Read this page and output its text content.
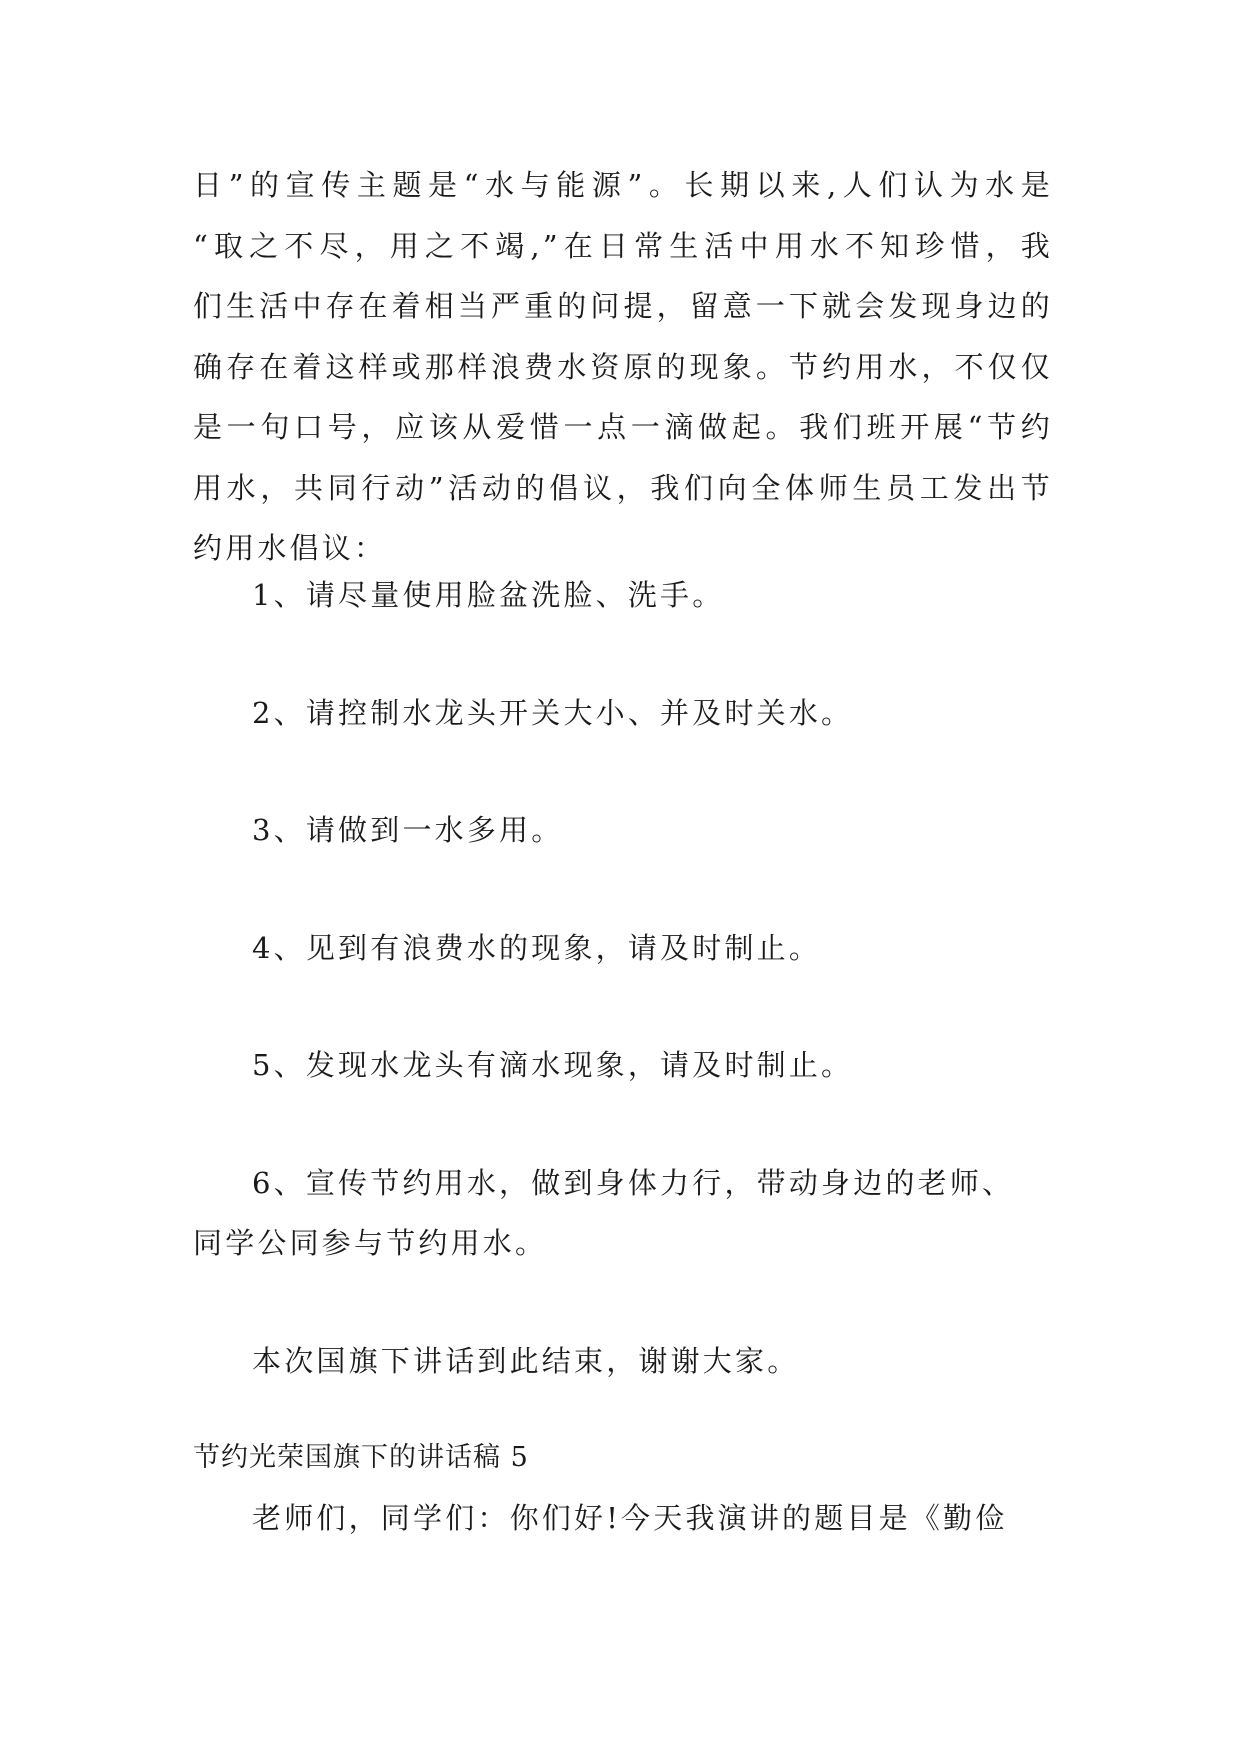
日”的宣传主题是“水与能源”。长期以来,人们认为水是
“取之不尽，用之不竭,”在日常生活中用水不知珍惜，我
们生活中存在着相当严重的问提，留意一下就会发现身边的
确存在着这样或那样浪费水资原的现象。节约用水，不仅仅
是一句口号，应该从爱惜一点一滴做起。我们班开展“节约
用水，共同行动”活动的倡议，我们向全体师生员工发出节
约用水倡议：
1、请尽量使用脸盆洗脸、洗手。
2、请控制水龙头开关大小、并及时关水。
3、请做到一水多用。
4、见到有浪费水的现象，请及时制止。
5、发现水龙头有滴水现象，请及时制止。
6、宣传节约用水，做到身体力行，带动身边的老师、
同学公同参与节约用水。
本次国旗下讲话到此结束，谢谢大家。
节约光荣国旗下的讲话稿 5
老师们，同学们：你们好!今天我演讲的题目是《勤俭
